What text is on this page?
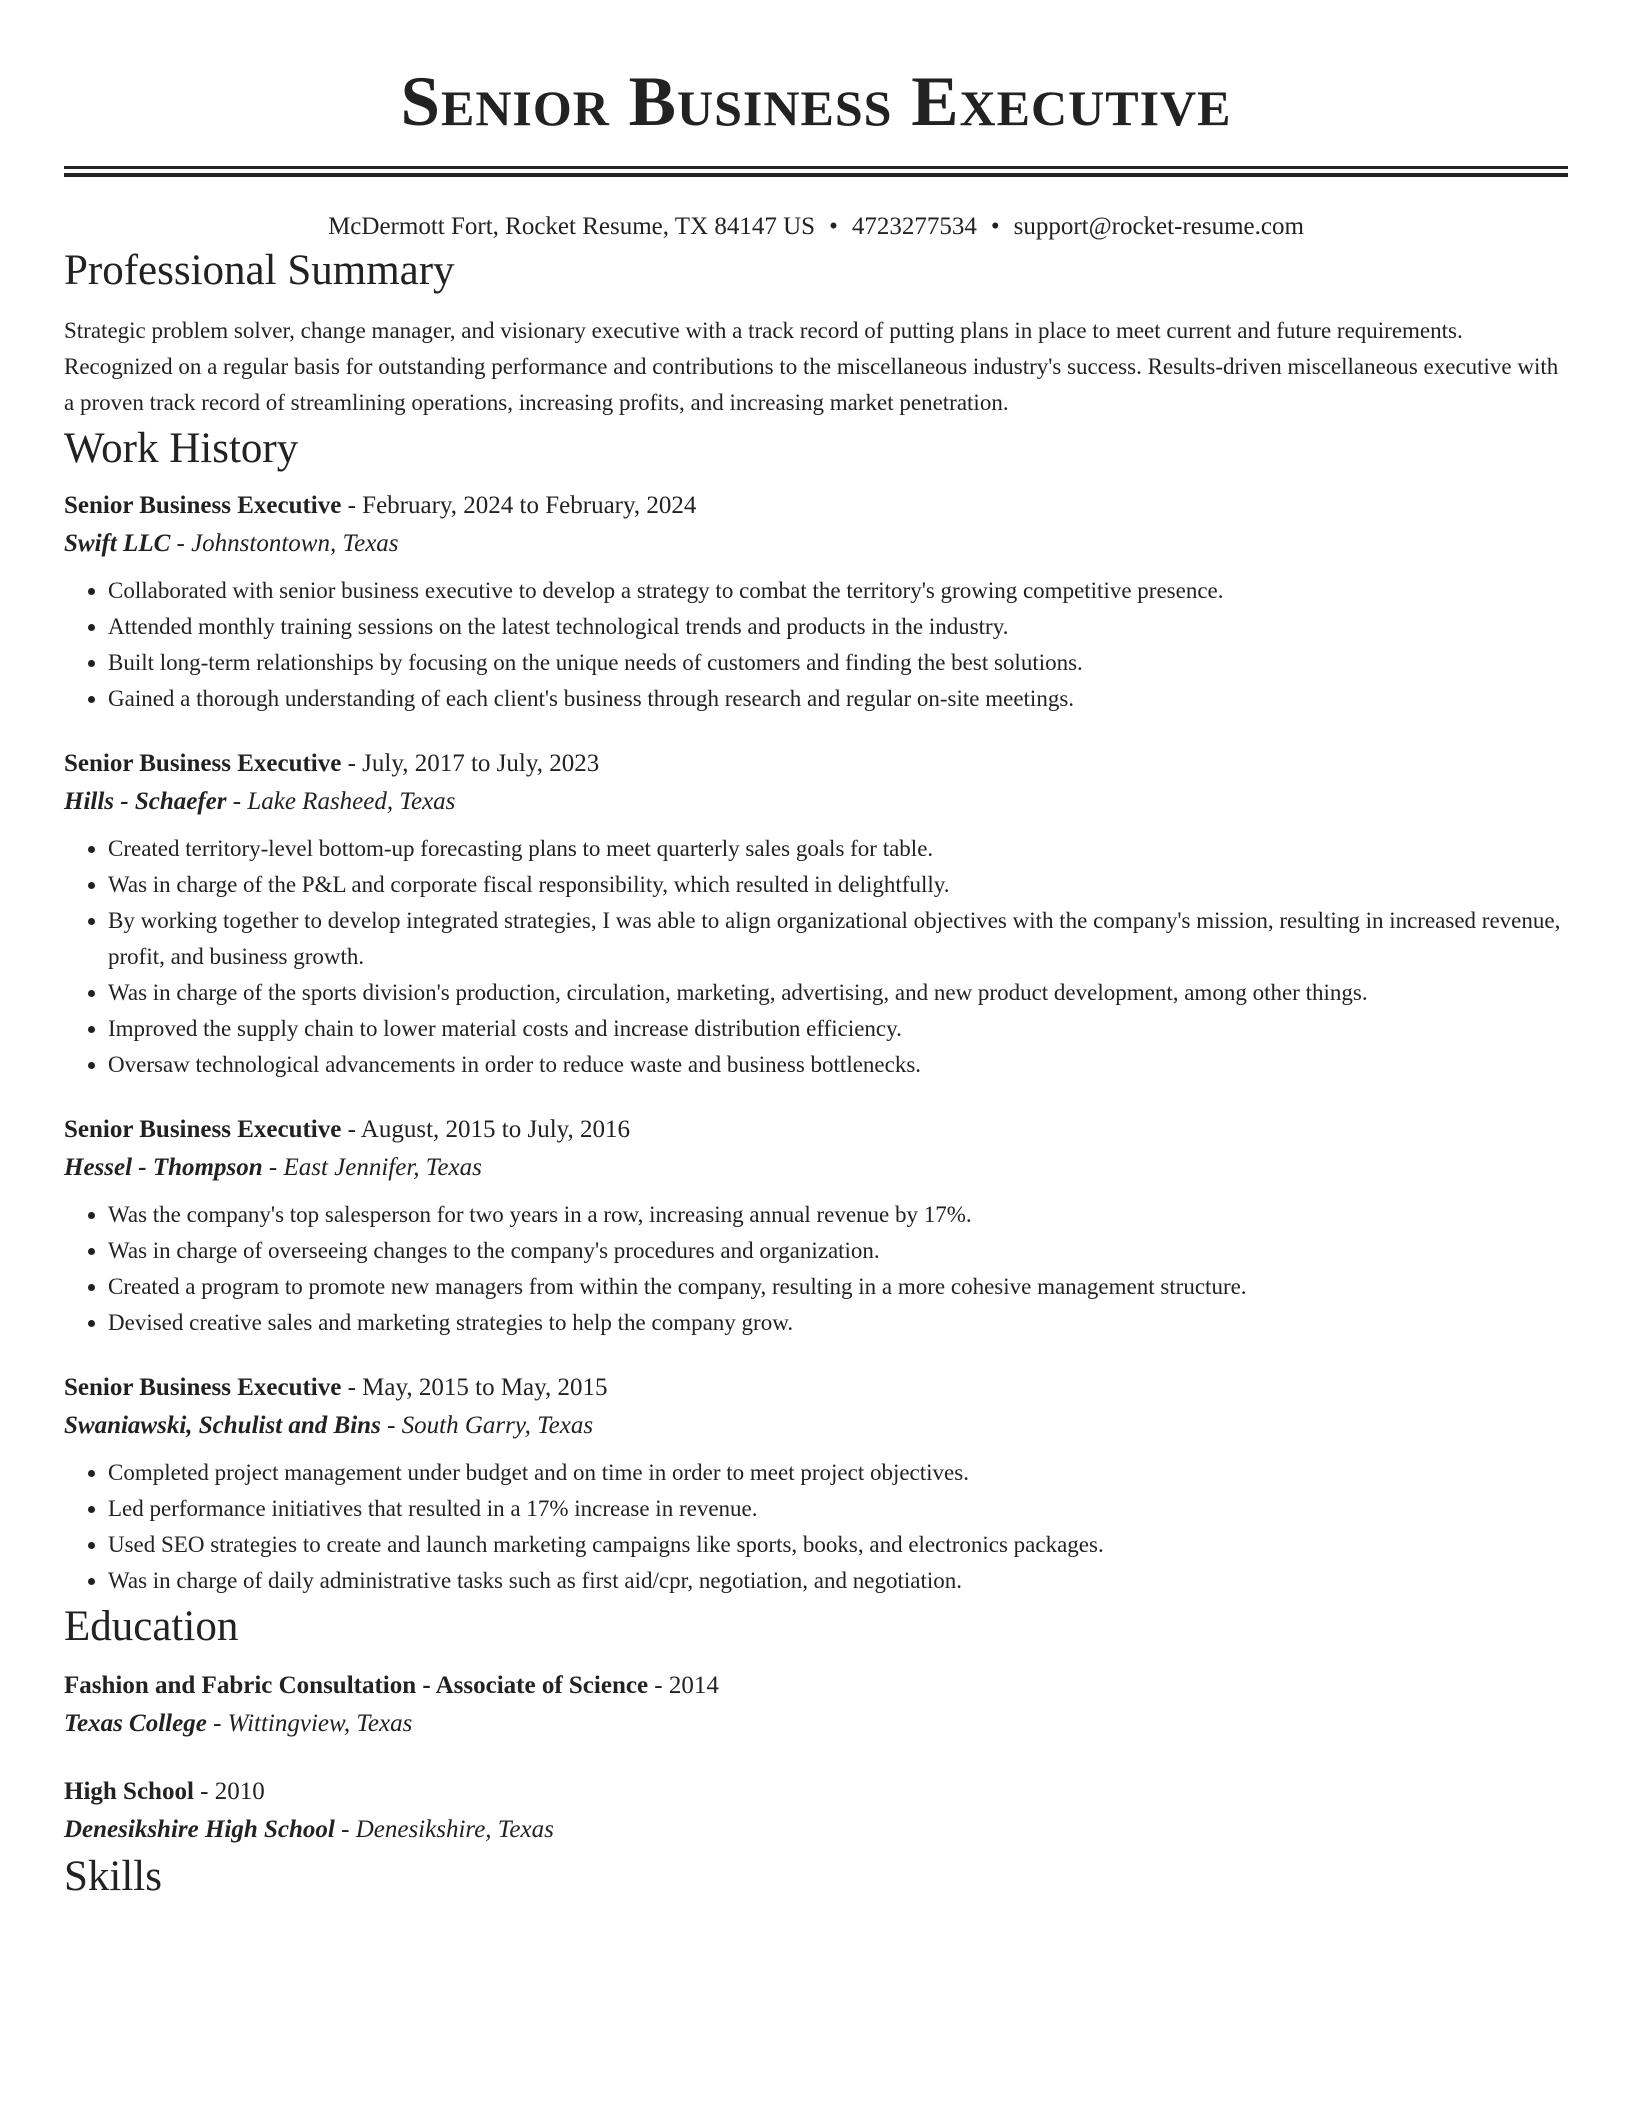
Senior Business Executive
McDermott Fort, Rocket Resume, TX 84147 US • 4723277534 • support@rocket-resume.com
Professional Summary
Strategic problem solver, change manager, and visionary executive with a track record of putting plans in place to meet current and future requirements. Recognized on a regular basis for outstanding performance and contributions to the miscellaneous industry's success. Results-driven miscellaneous executive with a proven track record of streamlining operations, increasing profits, and increasing market penetration.
Work History
Senior Business Executive - February, 2024 to February, 2024
Swift LLC - Johnstontown, Texas
• Collaborated with senior business executive to develop a strategy to combat the territory's growing competitive presence.
• Attended monthly training sessions on the latest technological trends and products in the industry.
• Built long-term relationships by focusing on the unique needs of customers and finding the best solutions.
• Gained a thorough understanding of each client's business through research and regular on-site meetings.
Senior Business Executive - July, 2017 to July, 2023
Hills - Schaefer - Lake Rasheed, Texas
• Created territory-level bottom-up forecasting plans to meet quarterly sales goals for table.
• Was in charge of the P&L and corporate fiscal responsibility, which resulted in delightfully.
• By working together to develop integrated strategies, I was able to align organizational objectives with the company's mission, resulting in increased revenue, profit, and business growth.
• Was in charge of the sports division's production, circulation, marketing, advertising, and new product development, among other things.
• Improved the supply chain to lower material costs and increase distribution efficiency.
• Oversaw technological advancements in order to reduce waste and business bottlenecks.
Senior Business Executive - August, 2015 to July, 2016
Hessel - Thompson - East Jennifer, Texas
• Was the company's top salesperson for two years in a row, increasing annual revenue by 17%.
• Was in charge of overseeing changes to the company's procedures and organization.
• Created a program to promote new managers from within the company, resulting in a more cohesive management structure.
• Devised creative sales and marketing strategies to help the company grow.
Senior Business Executive - May, 2015 to May, 2015
Swaniawski, Schulist and Bins - South Garry, Texas
• Completed project management under budget and on time in order to meet project objectives.
• Led performance initiatives that resulted in a 17% increase in revenue.
• Used SEO strategies to create and launch marketing campaigns like sports, books, and electronics packages.
• Was in charge of daily administrative tasks such as first aid/cpr, negotiation, and negotiation.
Education
Fashion and Fabric Consultation - Associate of Science - 2014
Texas College - Wittingview, Texas
High School - 2010
Denesikshire High School - Denesikshire, Texas
Skills
